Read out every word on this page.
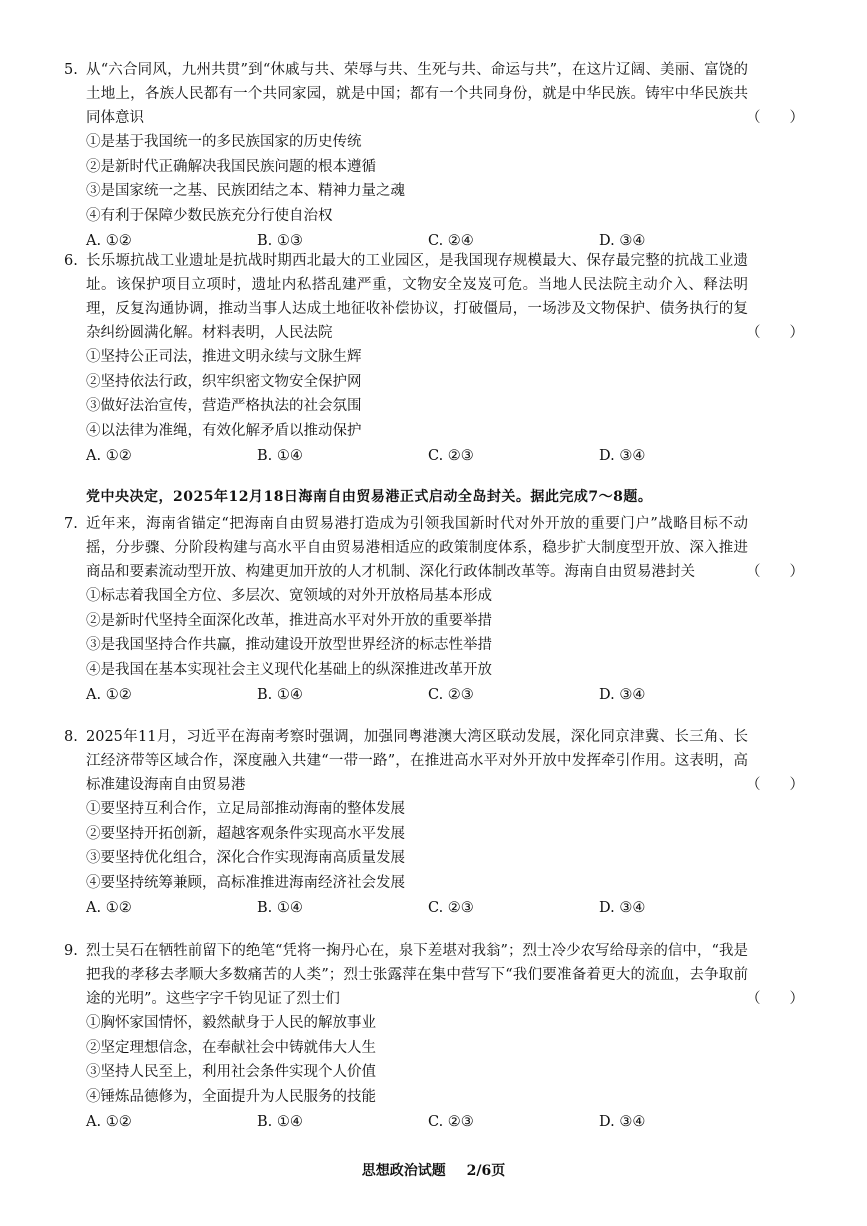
5. 从“六合同风，九州共贯”到“休戚与共、荣辱与共、生死与共、命运与共”，在这片辽阔、美丽、富饶的土地上，各族人民都有一个共同家园，就是中国；都有一个共同身份，就是中华民族。铸牢中华民族共同体意识	（　　）
①是基于我国统一的多民族国家的历史传统
②是新时代正确解决我国民族问题的根本遵循
③是国家统一之基、民族团结之本、精神力量之魂
④有利于保障少数民族充分行使自治权
A. ①②	B. ①③	C. ②④	D. ③④
6. 长乐塬抗战工业遗址是抗战时期西北最大的工业园区，是我国现存规模最大、保存最完整的抗战工业遗址。该保护项目立项时，遗址内私搭乱建严重，文物安全岌岌可危。当地人民法院主动介入、释法明理，反复沟通协调，推动当事人达成土地征收补偿协议，打破僵局，一场涉及文物保护、债务执行的复杂纠纷圆满化解。材料表明，人民法院	（　　）
①坚持公正司法，推进文明永续与文脉生辉
②坚持依法行政，织牢织密文物安全保护网
③做好法治宣传，营造严格执法的社会氛围
④以法律为准绳，有效化解矛盾以推动保护
A. ①②	B. ①④	C. ②③	D. ③④
党中央决定，2025年12月18日海南自由贸易港正式启动全岛封关。据此完成7～8题。
7. 近年来，海南省锚定“把海南自由贸易港打造成为引领我国新时代对外开放的重要门户”战略目标不动摇，分步骤、分阶段构建与高水平自由贸易港相适应的政策制度体系，稳步扩大制度型开放、深入推进商品和要素流动型开放、构建更加开放的人才机制、深化行政体制改革等。海南自由贸易港封关	（　　）
①标志着我国全方位、多层次、宽领域的对外开放格局基本形成
②是新时代坚持全面深化改革，推进高水平对外开放的重要举措
③是我国坚持合作共赢，推动建设开放型世界经济的标志性举措
④是我国在基本实现社会主义现代化基础上的纵深推进改革开放
A. ①②	B. ①④	C. ②③	D. ③④
8. 2025年11月，习近平在海南考察时强调，加强同粤港澳大湾区联动发展，深化同京津冀、长三角、长江经济带等区域合作，深度融入共建“一带一路”，在推进高水平对外开放中发挥牵引作用。这表明，高标准建设海南自由贸易港	（　　）
①要坚持互利合作，立足局部推动海南的整体发展
②要坚持开拓创新，超越客观条件实现高水平发展
③要坚持优化组合，深化合作实现海南高质量发展
④要坚持统筹兼顾，高标准推进海南经济社会发展
A. ①②	B. ①④	C. ②③	D. ③④
9. 烈士吴石在牺牲前留下的绝笔“凭将一掬丹心在，泉下差堪对我翁”；烈士冷少农写给母亲的信中，“我是把我的孝移去孝顺大多数痛苦的人类”；烈士张露萍在集中营写下“我们要准备着更大的流血，去争取前途的光明”。这些字字千钧见证了烈士们	（　　）
①胸怀家国情怀，毅然献身于人民的解放事业
②坚定理想信念，在奉献社会中铸就伟大人生
③坚持人民至上，利用社会条件实现个人价值
④锤炼品德修为，全面提升为人民服务的技能
A. ①②	B. ①④	C. ②③	D. ③④
思想政治试题 2/6页
